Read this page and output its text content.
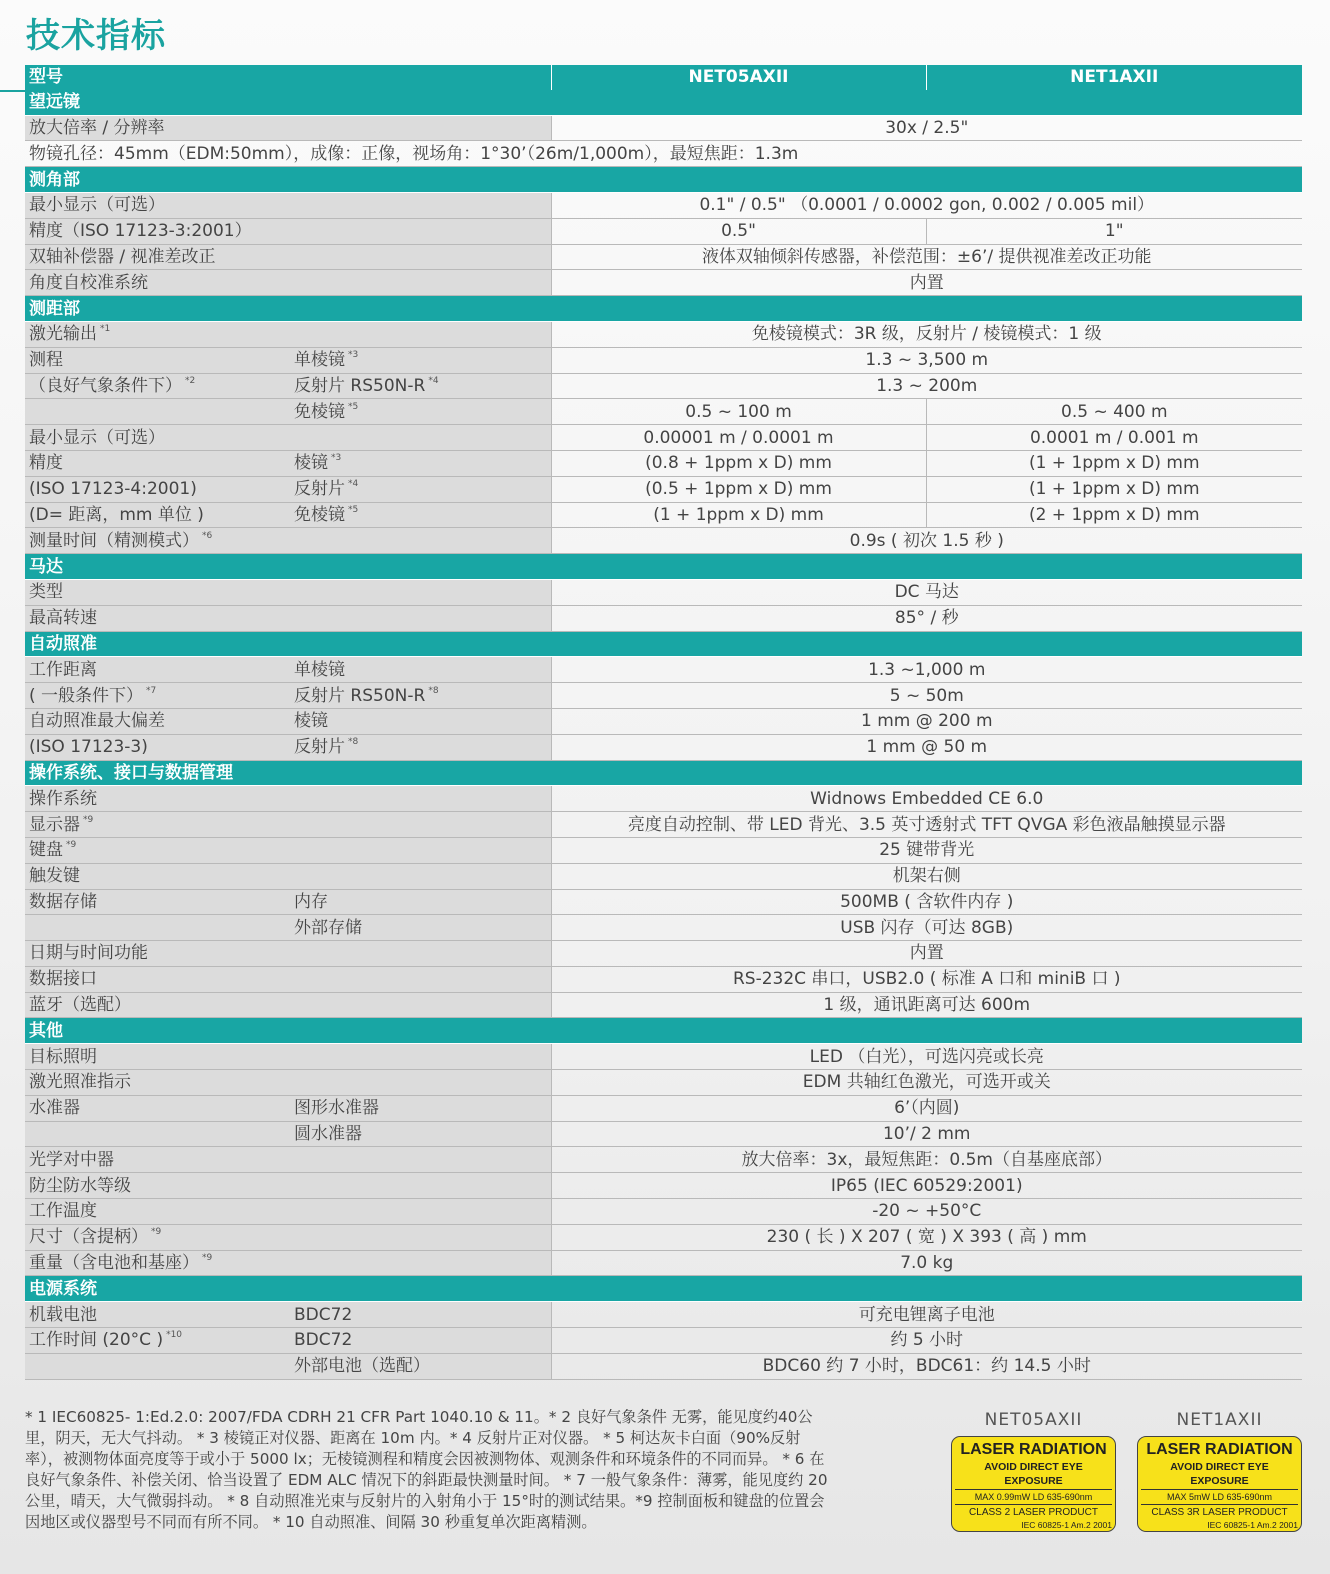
技术指标
型号		NET05AXII	NET1AXII
望远镜			
放大倍率 / 分辨率		30x / 2.5"	
物镜孔径：45mm（EDM:50mm），成像：正像，视场角：1°30’（26m/1,000m），最短焦距：1.3m			
测角部			
最小显示（可选）		0.1" / 0.5" （0.0001 / 0.0002 gon, 0.002 / 0.005 mil）	
精度（ISO 17123-3:2001）		0.5"	1"
双轴补偿器 / 视准差改正		液体双轴倾斜传感器，补偿范围：±6’/ 提供视准差改正功能	
角度自校准系统		内置	
测距部			
激光输出 $^{*1}$		免棱镜模式：3R 级，反射片 / 棱镜模式：1 级	
测程	单棱镜 $^{*3}$	1.3 ~ 3,500 m	
（良好气象条件下） $^{*2}$	反射片 RS50N-R $^{*4}$	1.3 ~ 200m	
	免棱镜 $^{*5}$	0.5 ~ 100 m	0.5 ~ 400 m
最小显示（可选）		0.00001 m / 0.0001 m	0.0001 m / 0.001 m
精度	棱镜 $^{*3}$	(0.8 + 1ppm x D) mm	(1 + 1ppm x D) mm
(ISO 17123-4:2001)	反射片 $^{*4}$	(0.5 + 1ppm x D) mm	(1 + 1ppm x D) mm
(D= 距离，mm 单位 )	免棱镜 $^{*5}$	(1 + 1ppm x D) mm	(2 + 1ppm x D) mm
测量时间（精测模式） $^{*6}$		0.9s ( 初次 1.5 秒 )	
马达			
类型		DC 马达	
最高转速		85° / 秒	
自动照准			
工作距离	单棱镜	1.3 ~1,000 m	
( 一般条件下） $^{*7}$	反射片 RS50N-R $^{*8}$	5 ~ 50m	
自动照准最大偏差	棱镜	1 mm @ 200 m	
(ISO 17123-3)	反射片 $^{*8}$	1 mm @ 50 m	
操作系统、接口与数据管理			
操作系统		Widnows Embedded CE 6.0	
显示器 $^{*9}$		亮度自动控制、带 LED 背光、3.5 英寸透射式 TFT QVGA 彩色液晶触摸显示器	
键盘 $^{*9}$		25 键带背光	
触发键		机架右侧	
数据存储	内存	500MB ( 含软件内存 )	
	外部存储	USB 闪存（可达 8GB)	
日期与时间功能		内置	
数据接口		RS-232C 串口，USB2.0 ( 标准 A 口和 miniB 口 )	
蓝牙（选配）		1 级，通讯距离可达 600m	
其他			
目标照明		LED （白光），可选闪亮或长亮	
激光照准指示		EDM 共轴红色激光，可选开或关	
水准器	图形水准器	6’（内圆)	
	圆水准器	10’/ 2 mm	
光学对中器		放大倍率：3x，最短焦距：0.5m（自基座底部）	
防尘防水等级		IP65 (IEC 60529:2001)	
工作温度		-20 ~ +50°C	
尺寸（含提柄） $^{*9}$		230 ( 长 ) X 207 ( 宽 ) X 393 ( 高 ) mm	
重量（含电池和基座） $^{*9}$		7.0 kg	
电源系统			
机载电池	BDC72	可充电锂离子电池	
工作时间 (20°C ) $^{*10}$	BDC72	约 5 小时	
	外部电池（选配）	BDC60 约 7 小时，BDC61：约 14.5 小时	
* 1 IEC60825- 1:Ed.2.0: 2007/FDA CDRH 21 CFR Part 1040.10 & 11。* 2 良好气象条件 无雾，能见度约40公里，阴天，无大气抖动。 * 3 棱镜正对仪器、距离在 10m 内。* 4 反射片正对仪器。 * 5 柯达灰卡白面（90%反射率），被测物体面亮度等于或小于 5000 lx；无棱镜测程和精度会因被测物体、观测条件和环境条件的不同而异。 * 6 在良好气象条件、补偿关闭、恰当设置了 EDM ALC 情况下的斜距最快测量时间。 * 7 一般气象条件：薄雾，能见度约 20 公里，晴天，大气微弱抖动。 * 8 自动照准光束与反射片的入射角小于 15°时的测试结果。*9 控制面板和键盘的位置会因地区或仪器型号不同而有所不同。 * 10 自动照准、间隔 30 秒重复单次距离精测。
NET05AXII
LASER RADIATION
AVOID DIRECT EYE EXPOSURE
MAX 0.99mW LD 635-690nm
CLASS 2 LASER PRODUCT
IEC 60825-1 Am.2 2001
NET1AXII
LASER RADIATION
AVOID DIRECT EYE EXPOSURE
MAX 5mW LD 635-690nm
CLASS 3R LASER PRODUCT
IEC 60825-1 Am.2 2001
